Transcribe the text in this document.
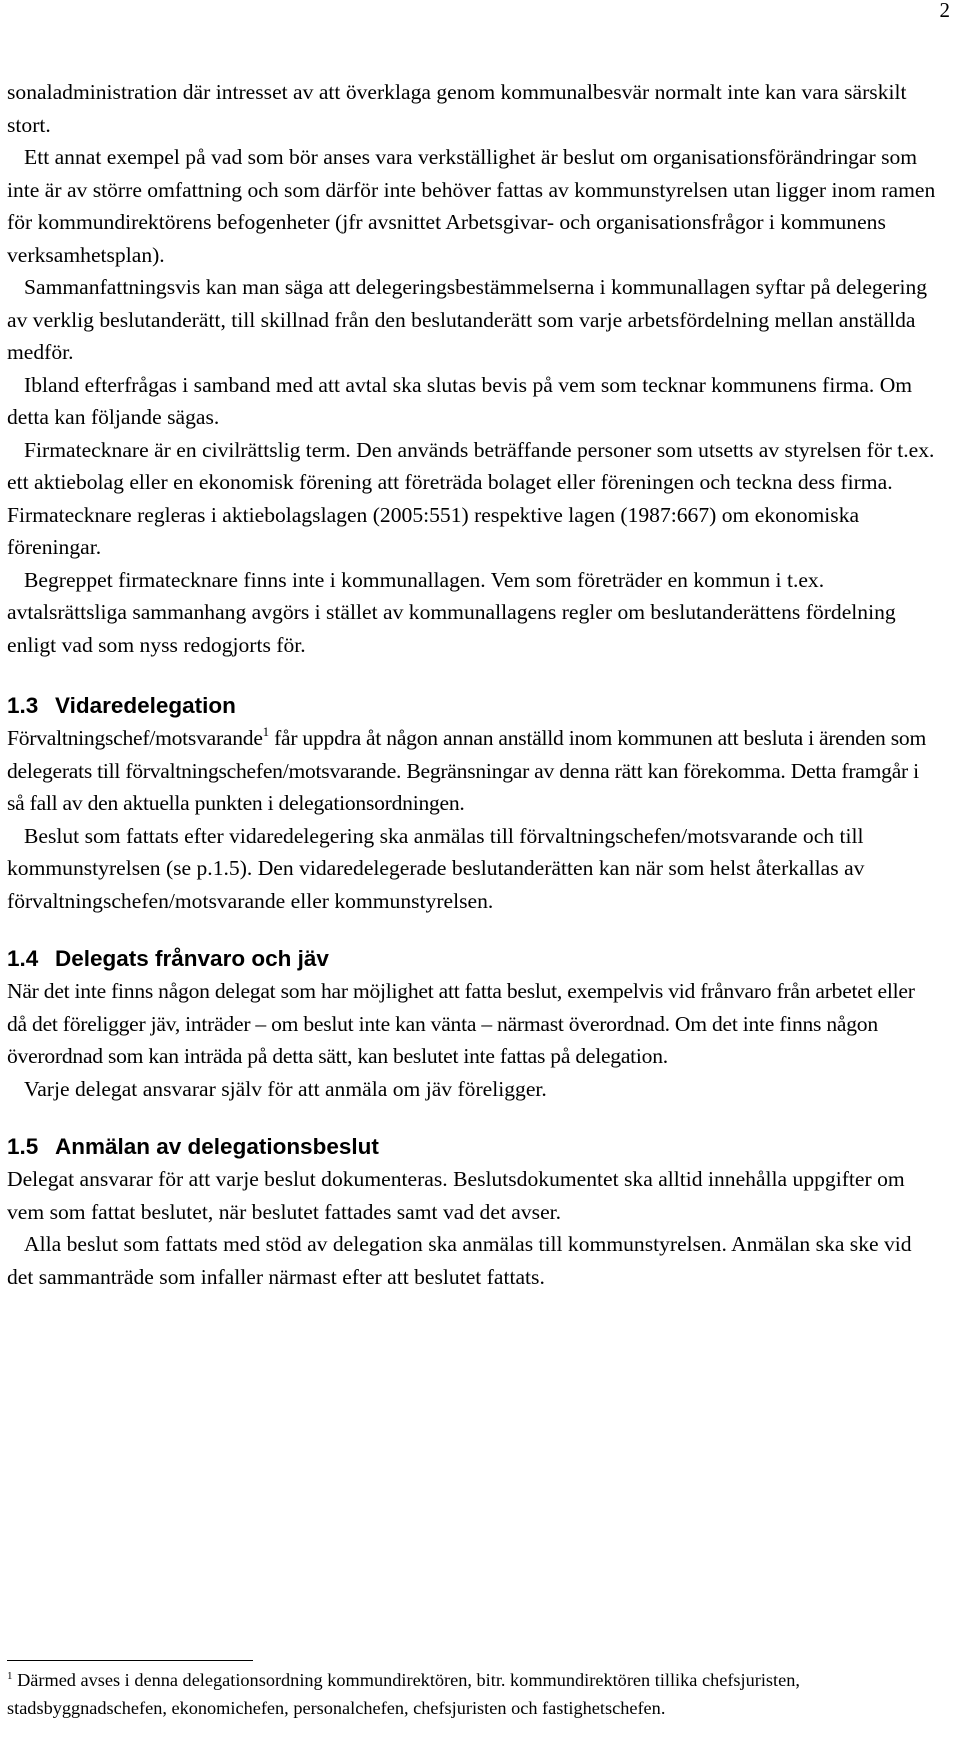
2

sonaladministration där intresset av att överklaga genom kommunalbesvär normalt inte kan vara särskilt stort.

Ett annat exempel på vad som bör anses vara verkställighet är beslut om organisationsförändringar som inte är av större omfattning och som därför inte behöver fattas av kommunstyrelsen utan ligger inom ramen för kommundirektörens befogenheter (jfr avsnittet Arbetsgivar- och organisationsfrågor i kommunens verksamhetsplan).

Sammanfattningsvis kan man säga att delegeringsbestämmelserna i kommunallagen syftar på delegering av verklig beslutanderätt, till skillnad från den beslutanderätt som varje arbetsfördelning mellan anställda medför.

Ibland efterfrågas i samband med att avtal ska slutas bevis på vem som tecknar kommunens firma. Om detta kan följande sägas.

Firmatecknare är en civilrättslig term. Den används beträffande personer som utsetts av styrelsen för t.ex. ett aktiebolag eller en ekonomisk förening att företräda bolaget eller föreningen och teckna dess firma. Firmatecknare regleras i aktiebolagslagen (2005:551) respektive lagen (1987:667) om ekonomiska föreningar.

Begreppet firmatecknare finns inte i kommunallagen. Vem som företräder en kommun i t.ex. avtalsrättsliga sammanhang avgörs i stället av kommunallagens regler om beslutanderättens fördelning enligt vad som nyss redogjorts för.

1.3 Vidaredelegation

Förvaltningschef/motsvarande$^1$ får uppdra åt någon annan anställd inom kommunen att besluta i ärenden som delegerats till förvaltningschefen/motsvarande. Begränsningar av denna rätt kan förekomma. Detta framgår i så fall av den aktuella punkten i delegationsordningen.

Beslut som fattats efter vidaredelegering ska anmälas till förvaltningschefen/motsvarande och till kommunstyrelsen (se p.1.5). Den vidaredelegerade beslutanderätten kan när som helst återkallas av förvaltningschefen/motsvarande eller kommunstyrelsen.

1.4 Delegats frånvaro och jäv

När det inte finns någon delegat som har möjlighet att fatta beslut, exempelvis vid frånvaro från arbetet eller då det föreligger jäv, inträder – om beslut inte kan vänta – närmast överordnad. Om det inte finns någon överordnad som kan inträda på detta sätt, kan beslutet inte fattas på delegation.

Varje delegat ansvarar själv för att anmäla om jäv föreligger.

1.5 Anmälan av delegationsbeslut

Delegat ansvarar för att varje beslut dokumenteras. Beslutsdokumentet ska alltid innehålla uppgifter om vem som fattat beslutet, när beslutet fattades samt vad det avser.

Alla beslut som fattats med stöd av delegation ska anmälas till kommunstyrelsen. Anmälan ska ske vid det sammanträde som infaller närmast efter att beslutet fattats.

$^1$ Därmed avses i denna delegationsordning kommundirektören, bitr. kommundirektören tillika chefsjuristen, stadsbyggnadschefen, ekonomichefen, personalchefen, chefsjuristen och fastighetschefen.
